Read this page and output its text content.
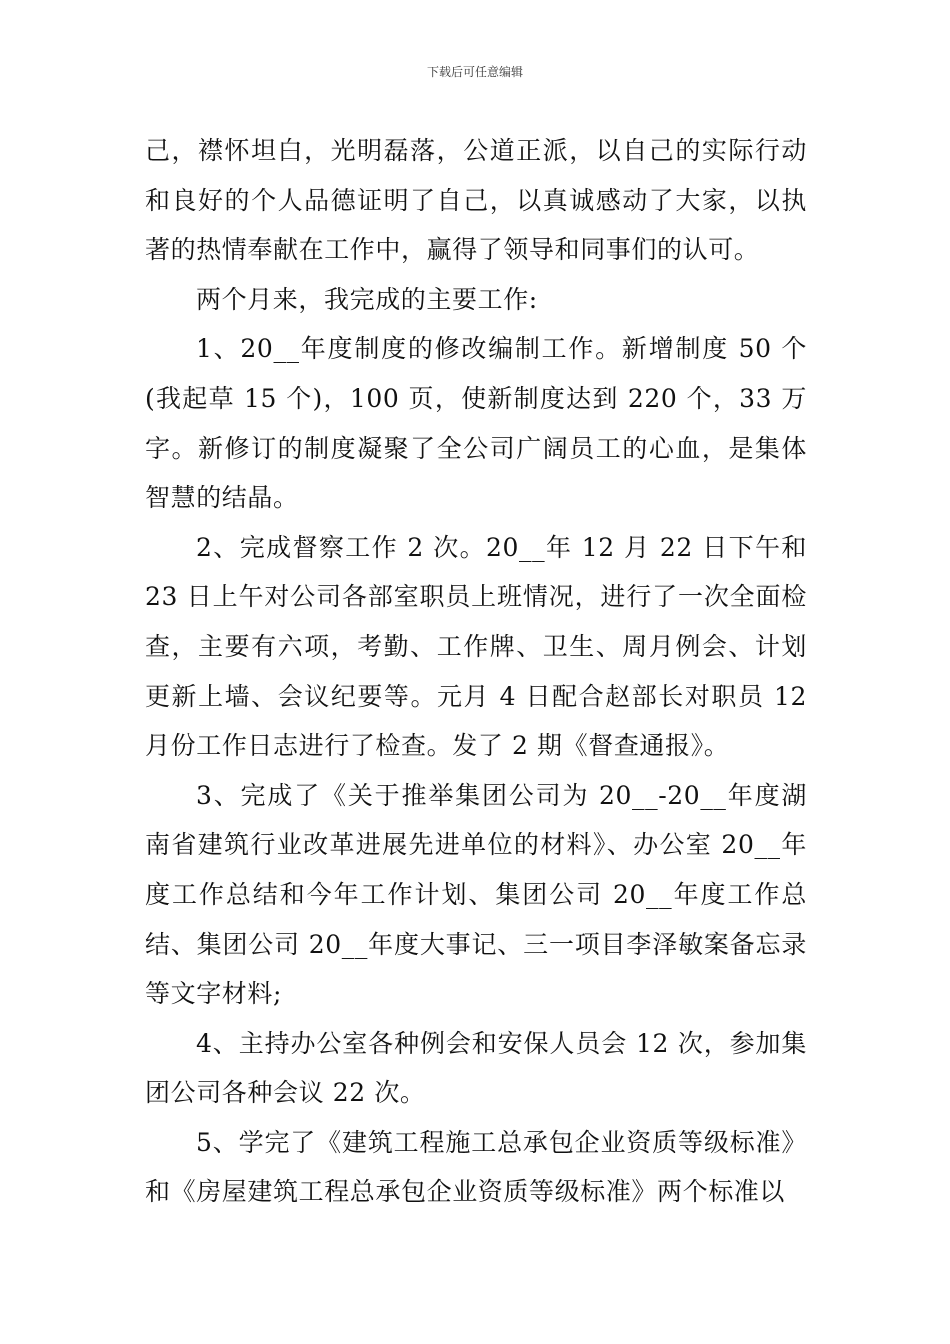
下载后可任意编辑

己，襟怀坦白，光明磊落，公道正派，以自己的实际行动和良好的个人品德证明了自己，以真诚感动了大家，以执著的热情奉献在工作中，赢得了领导和同事们的认可。

两个月来，我完成的主要工作:

1、20__年度制度的修改编制工作。新增制度 50 个(我起草 15 个)，100 页，使新制度达到 220 个，33 万字。新修订的制度凝聚了全公司广阔员工的心血，是集体智慧的结晶。

2、完成督察工作 2 次。20__年 12 月 22 日下午和 23 日上午对公司各部室职员上班情况，进行了一次全面检查，主要有六项，考勤、工作牌、卫生、周月例会、计划更新上墙、会议纪要等。元月 4 日配合赵部长对职员 12 月份工作日志进行了检查。发了 2 期《督查通报》。

3、完成了《关于推举集团公司为 20__-20__年度湖南省建筑行业改革进展先进单位的材料》、办公室 20__年度工作总结和今年工作计划、集团公司 20__年度工作总结、集团公司 20__年度大事记、三一项目李泽敏案备忘录等文字材料;

4、主持办公室各种例会和安保人员会 12 次，参加集团公司各种会议 22 次。

5、学完了《建筑工程施工总承包企业资质等级标准》和《房屋建筑工程总承包企业资质等级标准》两个标准以
